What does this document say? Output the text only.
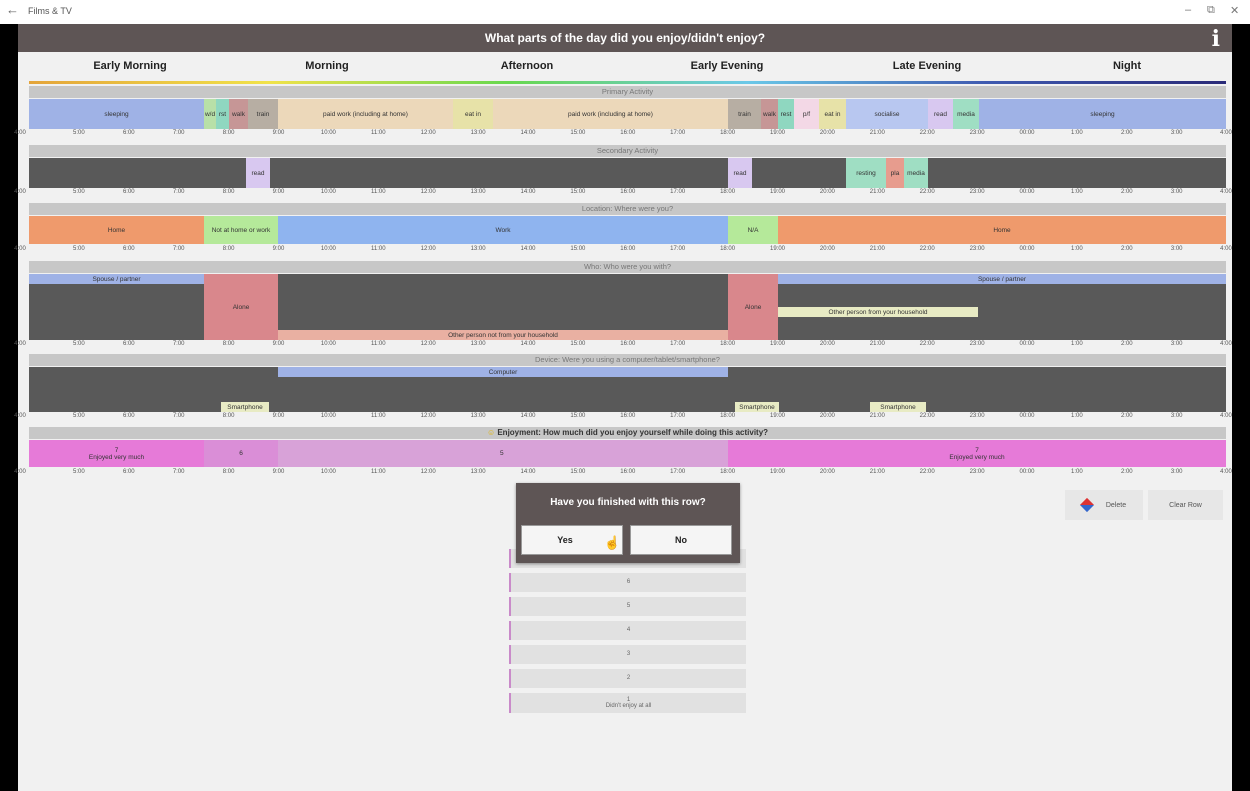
← Films & TV	– ⧉ ✕
What parts of the day did you enjoy/didn't enjoy?	i
Early Morning	Morning	Afternoon	Early Evening	Late Evening	Night
Primary Activity
sleeping	w/d rst walk	train	paid work (including at home)	eat in	paid work (including at home)	train	walk rest	p/f	eat in	socialise	read	media	sleeping
4:00	5:00	6:00	7:00	8:00	9:00	10:00	11:00	12:00	13:00	14:00	15:00	16:00	17:00	18:00	19:00	20:00	21:00	22:00	23:00	00:00	1:00	2:00	3:00	4:00
Secondary Activity
read	read	resting	pla	media
4:00	5:00	6:00	7:00	8:00	9:00	10:00	11:00	12:00	13:00	14:00	15:00	16:00	17:00	18:00	19:00	20:00	21:00	22:00	23:00	00:00	1:00	2:00	3:00	4:00
Location: Where were you?
Home	Not at home or work	Work	N/A	Home
4:00	5:00	6:00	7:00	8:00	9:00	10:00	11:00	12:00	13:00	14:00	15:00	16:00	17:00	18:00	19:00	20:00	21:00	22:00	23:00	00:00	1:00	2:00	3:00	4:00
Who: Who were you with?
Spouse / partner
Alone
Other person not from your household
Alone
Other person from your household
Spouse / partner
4:00	5:00	6:00	7:00	8:00	9:00	10:00	11:00	12:00	13:00	14:00	15:00	16:00	17:00	18:00	19:00	20:00	21:00	22:00	23:00	00:00	1:00	2:00	3:00	4:00
Device: Were you using a computer/tablet/smartphone?
Computer
Smartphone	Smartphone	Smartphone
4:00	5:00	6:00	7:00	8:00	9:00	10:00	11:00	12:00	13:00	14:00	15:00	16:00	17:00	18:00	19:00	20:00	21:00	22:00	23:00	00:00	1:00	2:00	3:00	4:00
☺ Enjoyment: How much did you enjoy yourself while doing this activity?
7
Enjoyed very much	6	5	7
Enjoyed very much
4:00	5:00	6:00	7:00	8:00	9:00	10:00	11:00	12:00	13:00	14:00	15:00	16:00	17:00	18:00	19:00	20:00	21:00	22:00	23:00	00:00	1:00	2:00	3:00	4:00
6
5
4
3
2
1
Didn't enjoy at all
Delete	Clear Row
Have you finished with this row?
Yes	No
☝
